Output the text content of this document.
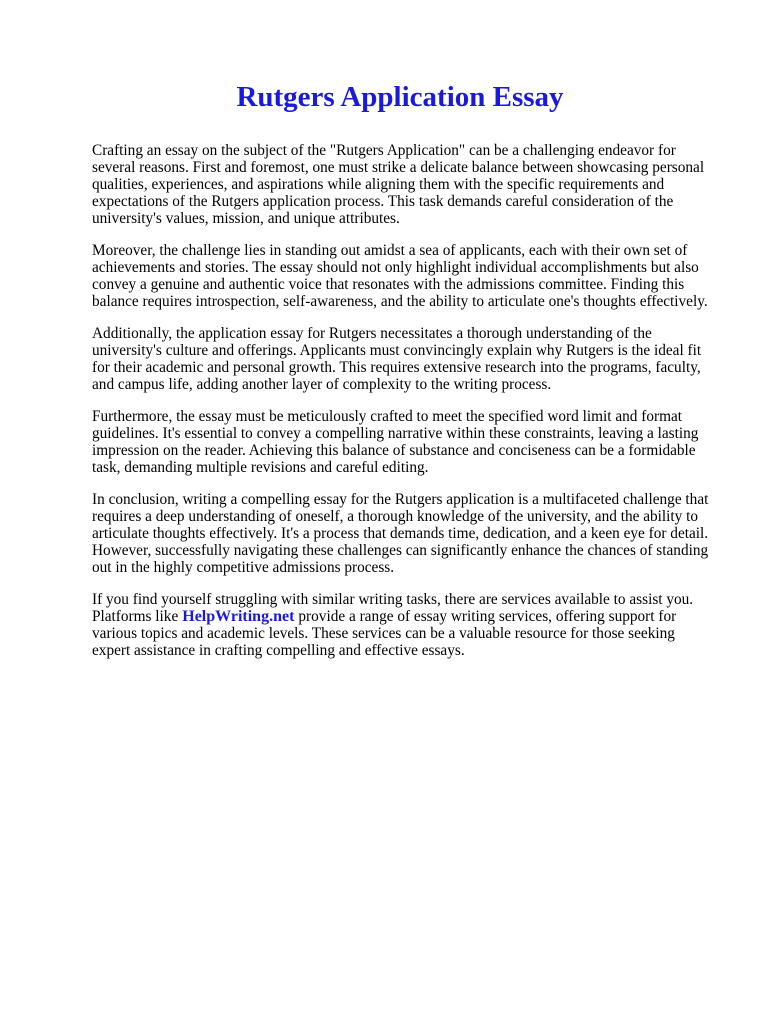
Rutgers Application Essay

Crafting an essay on the subject of the "Rutgers Application" can be a challenging endeavor for several reasons. First and foremost, one must strike a delicate balance between showcasing personal qualities, experiences, and aspirations while aligning them with the specific requirements and expectations of the Rutgers application process. This task demands careful consideration of the university's values, mission, and unique attributes.

Moreover, the challenge lies in standing out amidst a sea of applicants, each with their own set of achievements and stories. The essay should not only highlight individual accomplishments but also convey a genuine and authentic voice that resonates with the admissions committee. Finding this balance requires introspection, self-awareness, and the ability to articulate one's thoughts effectively.

Additionally, the application essay for Rutgers necessitates a thorough understanding of the university's culture and offerings. Applicants must convincingly explain why Rutgers is the ideal fit for their academic and personal growth. This requires extensive research into the programs, faculty, and campus life, adding another layer of complexity to the writing process.

Furthermore, the essay must be meticulously crafted to meet the specified word limit and format guidelines. It's essential to convey a compelling narrative within these constraints, leaving a lasting impression on the reader. Achieving this balance of substance and conciseness can be a formidable task, demanding multiple revisions and careful editing.

In conclusion, writing a compelling essay for the Rutgers application is a multifaceted challenge that requires a deep understanding of oneself, a thorough knowledge of the university, and the ability to articulate thoughts effectively. It's a process that demands time, dedication, and a keen eye for detail. However, successfully navigating these challenges can significantly enhance the chances of standing out in the highly competitive admissions process.

If you find yourself struggling with similar writing tasks, there are services available to assist you. Platforms like HelpWriting.net provide a range of essay writing services, offering support for various topics and academic levels. These services can be a valuable resource for those seeking expert assistance in crafting compelling and effective essays.
